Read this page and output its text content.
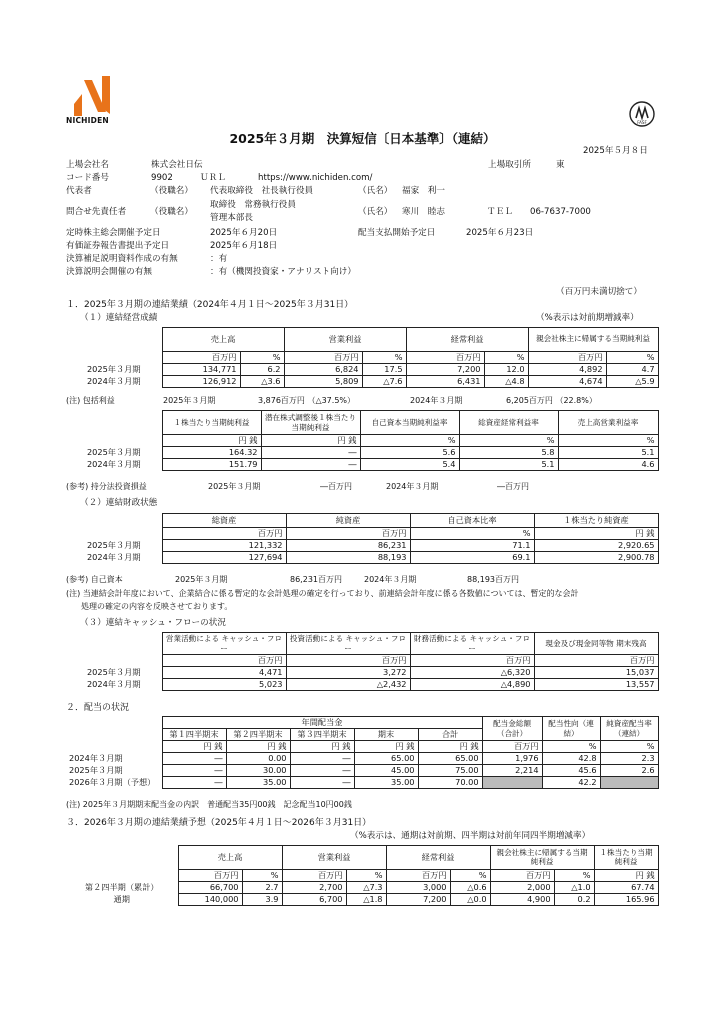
NICHIDEN	FASF
2025年３月期　決算短信〔日本基準〕（連結）
2025年５月８日
上場会社名	株式会社日伝	上場取引所	東
コード番号	9902	ＵＲＬ	https://www.nichiden.com/
代表者	（役職名） 代表取締役　社長執行役員	（氏名） 福家　利一
問合せ先責任者	（役職名）
取締役　常務執行役員
管理本部長
（氏名） 寒川　睦志	ＴＥＬ 06-7637-7000
定時株主総会開催予定日	2025年６月20日	配当支払開始予定日	2025年６月23日
有価証券報告書提出予定日	2025年６月18日
決算補足説明資料作成の有無	：有
決算説明会開催の有無	：有（機関投資家・アナリスト向け）
（百万円未満切捨て）
１．2025年３月期の連結業績（2024年４月１日～2025年３月31日）
（１）連結経営成績	（%表示は対前期増減率）
	売上高		営業利益		経常利益		親会社株主に帰属する当期純利益	
	百万円	%	百万円	%	百万円	%	百万円	%
2025年３月期	134,771	6.2	6,824	17.5	7,200	12.0	4,892	4.7
2024年３月期	126,912	△3.6	5,809	△7.6	6,431	△4.8	4,674	△5.9
(注) 包括利益	2025年３月期	3,876百万円 （△37.5%）	2024年３月期	6,205百万円 （22.8%）
	１株当たり当期純利益	潜在株式調整後１株当たり当期純利益	自己資本当期純利益率	総資産経常利益率	売上高営業利益率
	円 銭	円 銭	%	%	%
2025年３月期	164.32	―	5.6	5.8	5.1
2024年３月期	151.79	―	5.4	5.1	4.6
(参考) 持分法投資損益	2025年３月期	―百万円	2024年３月期	―百万円
（２）連結財政状態
	総資産	純資産	自己資本比率	１株当たり純資産
	百万円	百万円	%	円 銭
2025年３月期	121,332	86,231	71.1	2,920.65
2024年３月期	127,694	88,193	69.1	2,900.78
(参考) 自己資本	2025年３月期	86,231百万円	2024年３月期	88,193百万円
(注) 当連結会計年度において、企業結合に係る暫定的な会計処理の確定を行っており、前連結会計年度に係る各数値については、暫定的な会計
処理の確定の内容を反映させております。
（３）連結キャッシュ・フローの状況
	営業活動による キャッシュ・フロー	投資活動による キャッシュ・フロー	財務活動による キャッシュ・フロー	現金及び現金同等物 期末残高
	百万円	百万円	百万円	百万円
2025年３月期	4,471	3,272	△6,320	15,037
2024年３月期	5,023	△2,432	△4,890	13,557
２．配当の状況
	年間配当金					配当金総額（合計）	配当性向（連結）	純資産配当率（連結）
	第１四半期末	第２四半期末	第３四半期末	期末	合計			
	円 銭	円 銭	円 銭	円 銭	円 銭	百万円	%	%
2024年３月期	―	0.00	―	65.00	65.00	1,976	42.8	2.3
2025年３月期	―	30.00	―	45.00	75.00	2,214	45.6	2.6
2026年３月期（予想）	―	35.00	―	35.00	70.00		42.2	
(注) 2025年３月期期末配当金の内訳　普通配当35円00銭　記念配当10円00銭
３．2026年３月期の連結業績予想（2025年４月１日～2026年３月31日）
（%表示は、通期は対前期、四半期は対前年同四半期増減率）
	売上高		営業利益		経常利益		親会社株主に帰属する当期純利益		１株当たり当期純利益
	百万円	%	百万円	%	百万円	%	百万円	%	円 銭
第２四半期（累計）	66,700	2.7	2,700	△7.3	3,000	△0.6	2,000	△1.0	67.74
通期	140,000	3.9	6,700	△1.8	7,200	△0.0	4,900	0.2	165.96
